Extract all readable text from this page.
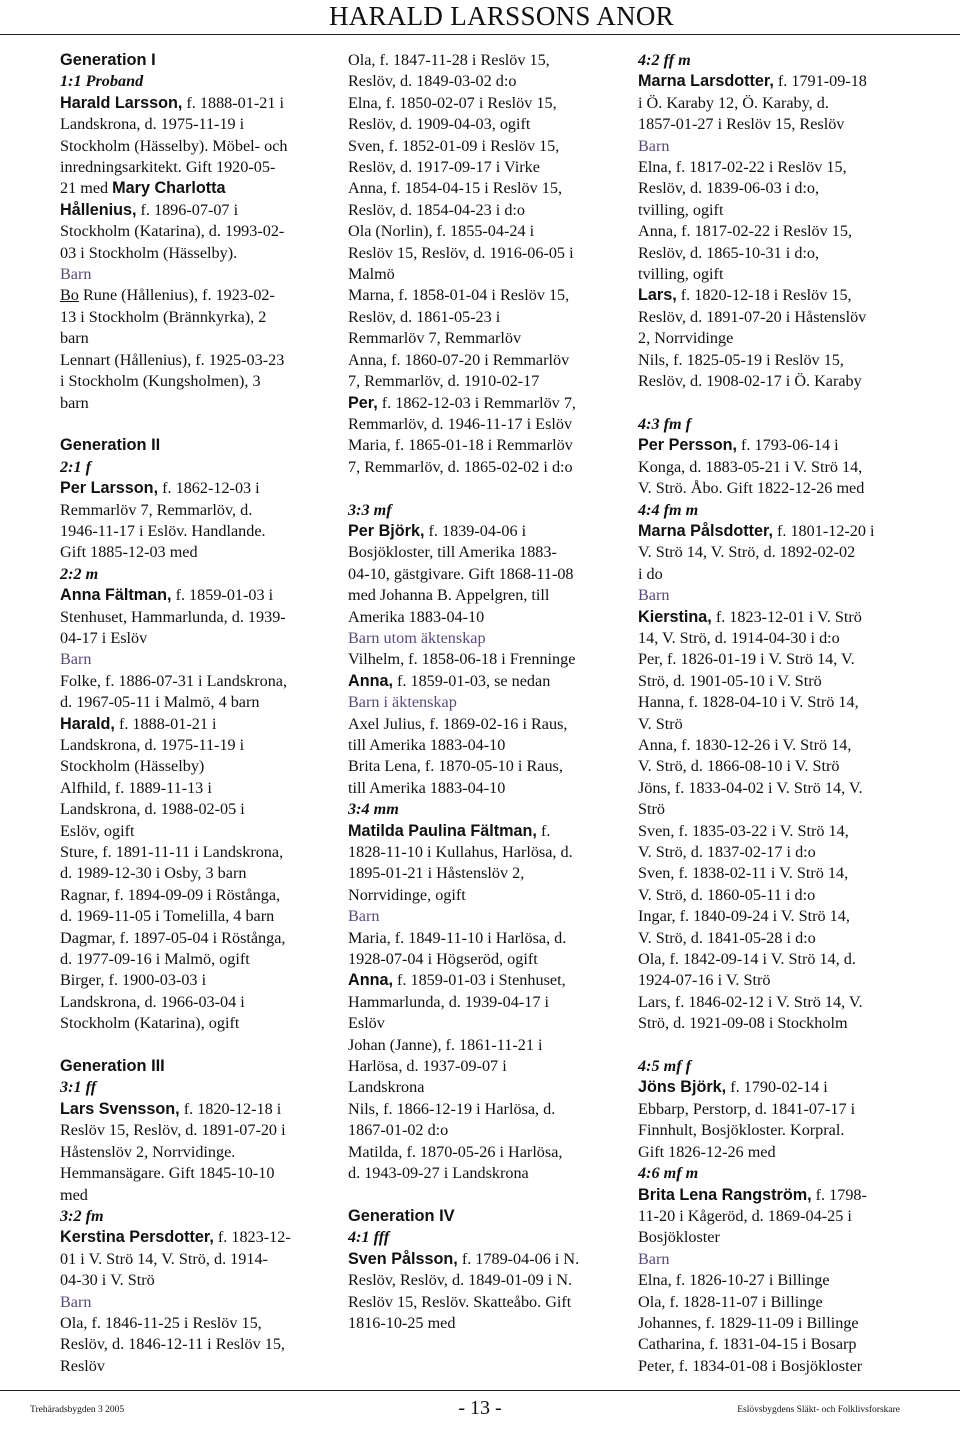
HARALD LARSSONS ANOR
Generation I
1:1 Proband
Harald Larsson, f. 1888-01-21 i
Landskrona, d. 1975-11-19 i
Stockholm (Hässelby). Möbel- och
inredningsarkitekt. Gift 1920-05-
21 med Mary Charlotta
Hållenius, f. 1896-07-07 i
Stockholm (Katarina), d. 1993-02-
03 i Stockholm (Hässelby).
Barn
Bo Rune (Hållenius), f. 1923-02-
13 i Stockholm (Brännkyrka), 2
barn
Lennart (Hållenius), f. 1925-03-23
i Stockholm (Kungsholmen), 3
barn
Generation II
2:1 f
Per Larsson, f. 1862-12-03 i
Remmarlöv 7, Remmarlöv, d.
1946-11-17 i Eslöv. Handlande.
Gift 1885-12-03 med
2:2 m
Anna Fältman, f. 1859-01-03 i
Stenhuset, Hammarlunda, d. 1939-
04-17 i Eslöv
Barn
Folke, f. 1886-07-31 i Landskrona,
d. 1967-05-11 i Malmö, 4 barn
Harald, f. 1888-01-21 i
Landskrona, d. 1975-11-19 i
Stockholm (Hässelby)
Alfhild, f. 1889-11-13 i
Landskrona, d. 1988-02-05 i
Eslöv, ogift
Sture, f. 1891-11-11 i Landskrona,
d. 1989-12-30 i Osby, 3 barn
Ragnar, f. 1894-09-09 i Röstånga,
d. 1969-11-05 i Tomelilla, 4 barn
Dagmar, f. 1897-05-04 i Röstånga,
d. 1977-09-16 i Malmö, ogift
Birger, f. 1900-03-03 i
Landskrona, d. 1966-03-04 i
Stockholm (Katarina), ogift
Generation III
3:1 ff
Lars Svensson, f. 1820-12-18 i
Reslöv 15, Reslöv, d. 1891-07-20 i
Håstenslöv 2, Norrvidinge.
Hemmansägare. Gift 1845-10-10
med
3:2 fm
Kerstina Persdotter, f. 1823-12-
01 i V. Strö 14, V. Strö, d. 1914-
04-30 i V. Strö
Barn
Ola, f. 1846-11-25 i Reslöv 15,
Reslöv, d. 1846-12-11 i Reslöv 15,
Reslöv
Ola, f. 1847-11-28 i Reslöv 15,
Reslöv, d. 1849-03-02 d:o
Elna, f. 1850-02-07 i Reslöv 15,
Reslöv, d. 1909-04-03, ogift
Sven, f. 1852-01-09 i Reslöv 15,
Reslöv, d. 1917-09-17 i Virke
Anna, f. 1854-04-15 i Reslöv 15,
Reslöv, d. 1854-04-23 i d:o
Ola (Norlin), f. 1855-04-24 i
Reslöv 15, Reslöv, d. 1916-06-05 i
Malmö
Marna, f. 1858-01-04 i Reslöv 15,
Reslöv, d. 1861-05-23 i
Remmarlöv 7, Remmarlöv
Anna, f. 1860-07-20 i Remmarlöv
7, Remmarlöv, d. 1910-02-17
Per, f. 1862-12-03 i Remmarlöv 7,
Remmarlöv, d. 1946-11-17 i Eslöv
Maria, f. 1865-01-18 i Remmarlöv
7, Remmarlöv, d. 1865-02-02 i d:o
3:3 mf
Per Björk, f. 1839-04-06 i
Bosjökloster, till Amerika 1883-
04-10, gästgivare. Gift 1868-11-08
med Johanna B. Appelgren, till
Amerika 1883-04-10
Barn utom äktenskap
Vilhelm, f. 1858-06-18 i Frenninge
Anna, f. 1859-01-03, se nedan
Barn i äktenskap
Axel Julius, f. 1869-02-16 i Raus,
till Amerika 1883-04-10
Brita Lena, f. 1870-05-10 i Raus,
till Amerika 1883-04-10
3:4 mm
Matilda Paulina Fältman, f.
1828-11-10 i Kullahus, Harlösa, d.
1895-01-21 i Håstenslöv 2,
Norrvidinge, ogift
Barn
Maria, f. 1849-11-10 i Harlösa, d.
1928-07-04 i Högseröd, ogift
Anna, f. 1859-01-03 i Stenhuset,
Hammarlunda, d. 1939-04-17 i
Eslöv
Johan (Janne), f. 1861-11-21 i
Harlösa, d. 1937-09-07 i
Landskrona
Nils, f. 1866-12-19 i Harlösa, d.
1867-01-02 d:o
Matilda, f. 1870-05-26 i Harlösa,
d. 1943-09-27 i Landskrona
Generation IV
4:1 fff
Sven Pålsson, f. 1789-04-06 i N.
Reslöv, Reslöv, d. 1849-01-09 i N.
Reslöv 15, Reslöv. Skatteåbo. Gift
1816-10-25 med
4:2 ff m
Marna Larsdotter, f. 1791-09-18
i Ö. Karaby 12, Ö. Karaby, d.
1857-01-27 i Reslöv 15, Reslöv
Barn
Elna, f. 1817-02-22 i Reslöv 15,
Reslöv, d. 1839-06-03 i d:o,
tvilling, ogift
Anna, f. 1817-02-22 i Reslöv 15,
Reslöv, d. 1865-10-31 i d:o,
tvilling, ogift
Lars, f. 1820-12-18 i Reslöv 15,
Reslöv, d. 1891-07-20 i Håstenslöv
2, Norrvidinge
Nils, f. 1825-05-19 i Reslöv 15,
Reslöv, d. 1908-02-17 i Ö. Karaby
4:3 fm f
Per Persson, f. 1793-06-14 i
Konga, d. 1883-05-21 i V. Strö 14,
V. Strö. Åbo. Gift 1822-12-26 med
4:4 fm m
Marna Pålsdotter, f. 1801-12-20 i
V. Strö 14, V. Strö, d. 1892-02-02
i do
Barn
Kierstina, f. 1823-12-01 i V. Strö
14, V. Strö, d. 1914-04-30 i d:o
Per, f. 1826-01-19 i V. Strö 14, V.
Strö, d. 1901-05-10 i V. Strö
Hanna, f. 1828-04-10 i V. Strö 14,
V. Strö
Anna, f. 1830-12-26 i V. Strö 14,
V. Strö, d. 1866-08-10 i V. Strö
Jöns, f. 1833-04-02 i V. Strö 14, V.
Strö
Sven, f. 1835-03-22 i V. Strö 14,
V. Strö, d. 1837-02-17 i d:o
Sven, f. 1838-02-11 i V. Strö 14,
V. Strö, d. 1860-05-11 i d:o
Ingar, f. 1840-09-24 i V. Strö 14,
V. Strö, d. 1841-05-28 i d:o
Ola, f. 1842-09-14 i V. Strö 14, d.
1924-07-16 i V. Strö
Lars, f. 1846-02-12 i V. Strö 14, V.
Strö, d. 1921-09-08 i Stockholm
4:5 mf f
Jöns Björk, f. 1790-02-14 i
Ebbarp, Perstorp, d. 1841-07-17 i
Finnhult, Bosjökloster. Korpral.
Gift 1826-12-26 med
4:6 mf m
Brita Lena Rangström, f. 1798-
11-20 i Kågeröd, d. 1869-04-25 i
Bosjökloster
Barn
Elna, f. 1826-10-27 i Billinge
Ola, f. 1828-11-07 i Billinge
Johannes, f. 1829-11-09 i Billinge
Catharina, f. 1831-04-15 i Bosarp
Peter, f. 1834-01-08 i Bosjökloster
Trehäradsbygden 3 2005	- 13 -	Eslövsbygdens Släkt- och Folklivsforskare
